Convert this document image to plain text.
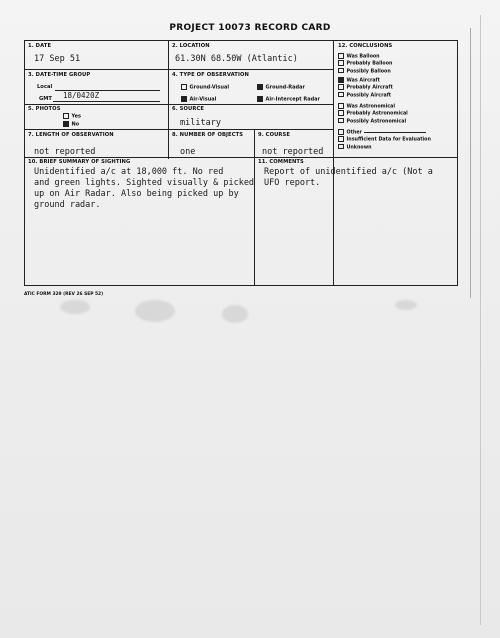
PROJECT 10073 RECORD CARD
1. DATE
17 Sep 51
2. LOCATION
61.30N 68.50W (Atlantic)
3. DATE-TIME GROUP
Local
GMT 18/0420Z
4. TYPE OF OBSERVATION
Ground-Visual	Ground-Radar
Air-Visual	Air-Intercept Radar
5. PHOTOS
Yes
No
6. SOURCE
military
7. LENGTH OF OBSERVATION
not reported
8. NUMBER OF OBJECTS
one
9. COURSE
not reported
10. BRIEF SUMMARY OF SIGHTING
Unidentified a/c at 18,000 ft. No red
and green lights. Sighted visually & picked
up on Air Radar. Also being picked up by
ground radar.
11. COMMENTS
Report of unidentified a/c (Not a
UFO report.
12. CONCLUSIONS
Was Balloon
Probably Balloon
Possibly Balloon
Was Aircraft
Probably Aircraft
Possibly Aircraft
Was Astronomical
Probably Astronomical
Possibly Astronomical
Other
Insufficient Data for Evaluation
Unknown
ATIC FORM 329 (REV 26 SEP 52)
